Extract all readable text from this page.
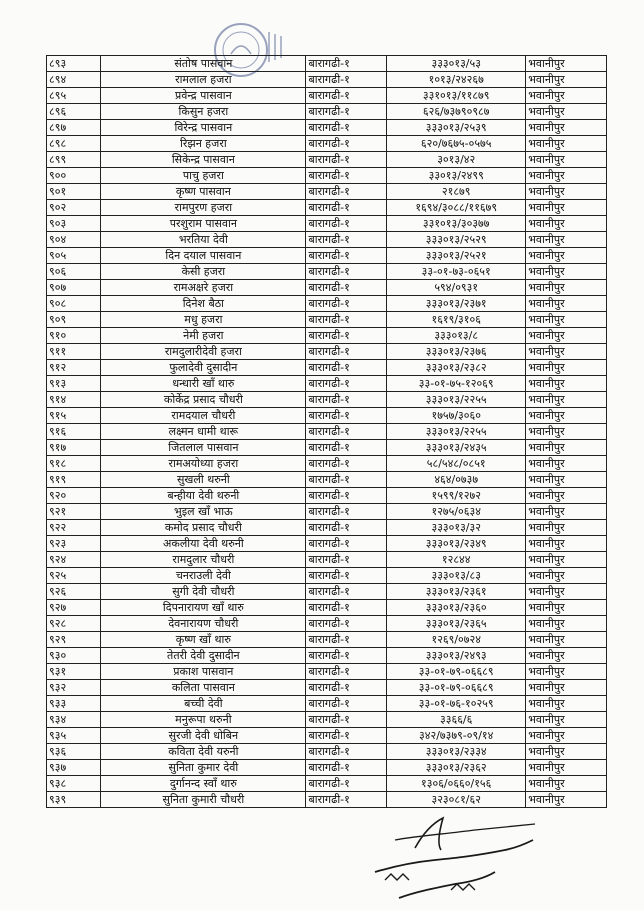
८९३	संतोष पासवान	बारागढी-१	३३३०१३/५३	भवानीपुर
८९४	रामलाल हजरा	बारागढी-१	१०१३/२४२६७	भवानीपुर
८९५	प्रवेन्द्र पासवान	बारागढी-१	३३१०१३/११८७९	भवानीपुर
८९६	किसुन हजरा	बारागढी-१	६२६/७३७९०९८७	भवानीपुर
८९७	विरेन्द्र पासवान	बारागढी-१	३३३०१३/२५३९	भवानीपुर
८९८	रिझन हजरा	बारागढी-१	६२०/७६७५-०५७५	भवानीपुर
८९९	सिकेन्द्र पासवान	बारागढी-१	३०१३/४२	भवानीपुर
९००	पाचु हजरा	बारागढी-१	३३०१३/२४९९	भवानीपुर
९०१	कृष्ण पासवान	बारागढी-१	२१८७९	भवानीपुर
९०२	रामपुरण हजरा	बारागढी-१	१६९४/३०८८/११६७९	भवानीपुर
९०३	परशुराम पासवान	बारागढी-१	३३१०१३/३०३७७	भवानीपुर
९०४	भरतिया देवी	बारागढी-१	३३३०१३/२५२९	भवानीपुर
९०५	दिन दयाल पासवान	बारागढी-१	३३३०१३/२५२१	भवानीपुर
९०६	केसी हजरा	बारागढी-१	३३-०१-७३-०६५१	भवानीपुर
९०७	रामअक्षरे हजरा	बारागढी-१	५९४/०९३१	भवानीपुर
९०८	दिनेश बैठा	बारागढी-१	३३३०१३/२३७१	भवानीपुर
९०९	मधु हजरा	बारागढी-१	१६१९/३१०६	भवानीपुर
९१०	नेमी हजरा	बारागढी-१	३३३०१३/८	भवानीपुर
९११	रामदुलारीदेवी हजरा	बारागढी-१	३३३०१३/२३७६	भवानीपुर
९१२	फुलादेवी दुसादीन	बारागढी-१	३३३०१३/२३८२	भवानीपुर
९१३	धन्धारी खाँ थारु	बारागढी-१	३३-०१-७५-१२०६९	भवानीपुर
९१४	कोर्केद्र प्रसाद चौधरी	बारागढी-१	३३३०१३/२२५५	भवानीपुर
९१५	रामदयाल चौधरी	बारागढी-१	१७५७/३०६०	भवानीपुर
९१६	लक्ष्मन धामी थारू	बारागढी-१	३३३०१३/२२५५	भवानीपुर
९१७	जितलाल पासवान	बारागढी-१	३३३०१३/२४३५	भवानीपुर
९१८	रामअयोध्या हजरा	बारागढी-१	५८/५४८/०८५१	भवानीपुर
९१९	सुखली थरुनी	बारागढी-१	४६४/०७३७	भवानीपुर
९२०	बन्हीया देवी थरुनी	बारागढी-१	१५९९/१२७२	भवानीपुर
९२१	भुइल खाँ भाऊ	बारागढी-१	१२७५/०६३४	भवानीपुर
९२२	कमोद प्रसाद चौधरी	बारागढी-१	३३३०१३/३२	भवानीपुर
९२३	अकलीया देवी थरुनी	बारागढी-१	३३३०१३/२३४९	भवानीपुर
९२४	रामदुलार चौधरी	बारागढी-१	१२८४४	भवानीपुर
९२५	चनराउली देवी	बारागढी-१	३३३०१३/८३	भवानीपुर
९२६	सुगी देवी चौधरी	बारागढी-१	३३३०१३/२३६१	भवानीपुर
९२७	दिपनारायण खाँ थारु	बारागढी-१	३३३०१३/२३६०	भवानीपुर
९२८	देवनारायण चौधरी	बारागढी-१	३३३०१३/२३६५	भवानीपुर
९२९	कृष्ण खाँ थारु	बारागढी-१	१२६९/०७२४	भवानीपुर
९३०	तेतरी देवी दुसादीन	बारागढी-१	३३३०१३/२४९३	भवानीपुर
९३१	प्रकाश पासवान	बारागढी-१	३३-०१-७९-०६६८९	भवानीपुर
९३२	कलिता पासवान	बारागढी-१	३३-०१-७९-०६६८९	भवानीपुर
९३३	बच्ची देवी	बारागढी-१	३३-०१-७६-१०२५९	भवानीपुर
९३४	मनुरूपा थरुनी	बारागढी-१	३३६६/६	भवानीपुर
९३५	सुरजी देवी धोबिन	बारागढी-१	३४२/७३७९-०९/१४	भवानीपुर
९३६	कविता देवी यरुनी	बारागढी-१	३३३०१३/२३३४	भवानीपुर
९३७	सुनिता कुमार देवी	बारागढी-१	३३३०१३/२३६२	भवानीपुर
९३८	दुर्गानन्द स्वाँ थारु	बारागढी-१	१३०६/०६६०/१५६	भवानीपुर
९३९	सुनिता कुमारी चौधरी	बारागढी-१	३२३०८१/६२	भवानीपुर
